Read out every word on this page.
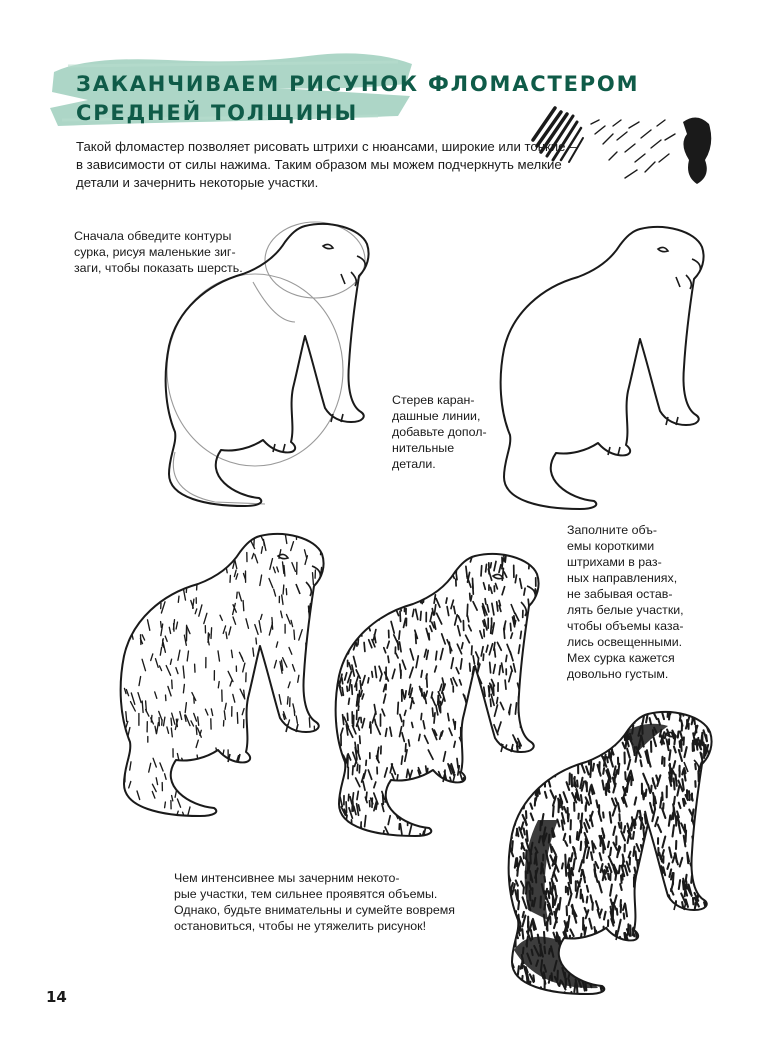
ЗАКАНЧИВАЕМ РИСУНОК ФЛОМАСТЕРОМ
СРЕДНЕЙ ТОЛЩИНЫ

Такой фломастер позволяет рисовать штрихи с нюансами, широкие или тонкие –
в зависимости от силы нажима. Таким образом мы можем подчеркнуть мелкие
детали и зачернить некоторые участки.

Сначала обведите контуры
сурка, рисуя маленькие зиг-
заги, чтобы показать шерсть.

Стерев каран-
дашные линии,
добавьте допол-
нительные
детали.

Заполните объ-
емы короткими
штрихами в раз-
ных направлениях,
не забывая остав-
лять белые участки,
чтобы объемы каза-
лись освещенными.
Мех сурка кажется
довольно густым.

Чем интенсивнее мы зачерним некото-
рые участки, тем сильнее проявятся объемы.
Однако, будьте внимательны и сумейте вовремя
остановиться, чтобы не утяжелить рисунок!

14
